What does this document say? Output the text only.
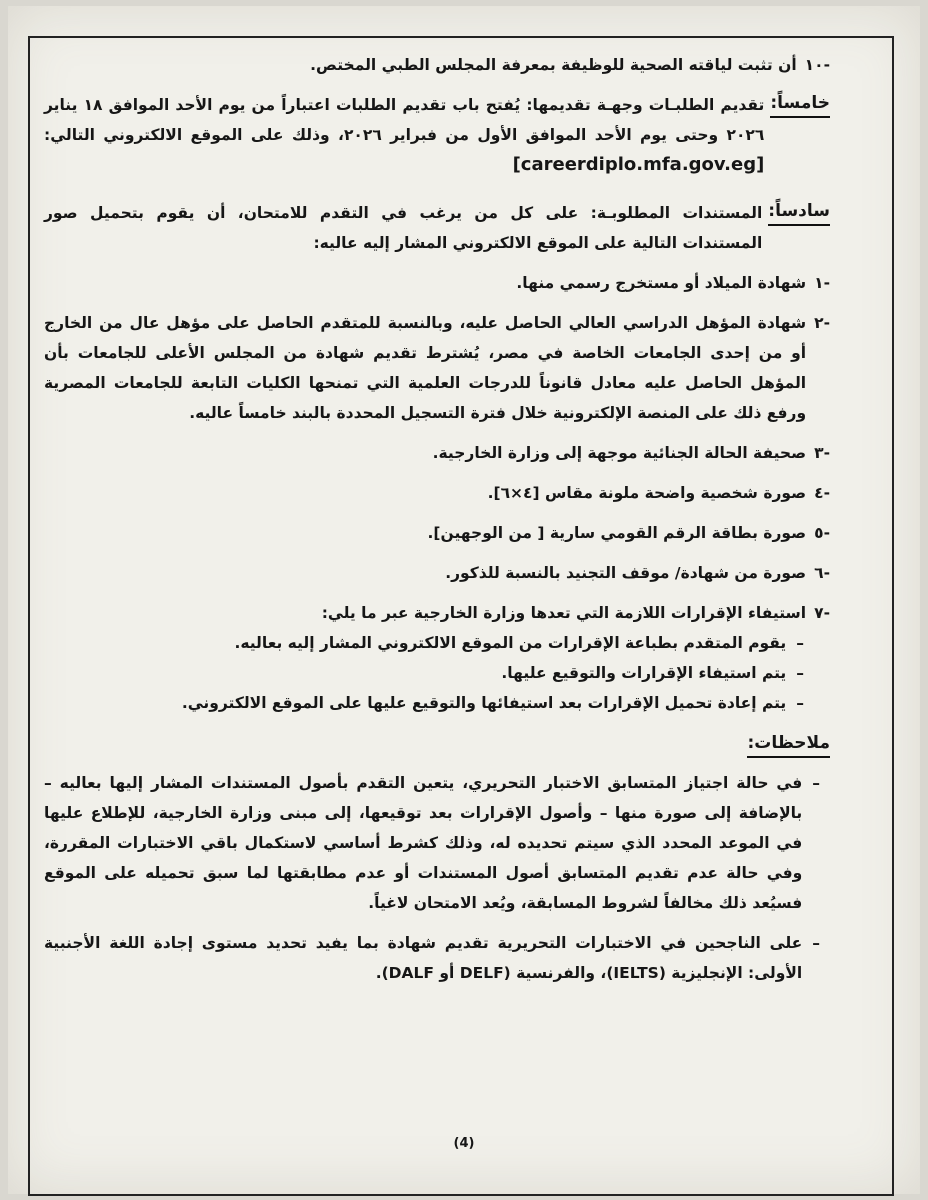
-١٠
أن تثبت لياقته الصحية للوظيفة بمعرفة المجلس الطبي المختص.
خامساً:
تقديم الطلبـات وجهـة تقديمها: يُفتح باب تقديم الطلبات اعتباراً من يوم الأحد الموافق ١٨ يناير ٢٠٢٦ وحتى يوم الأحد الموافق الأول من فبراير ٢٠٢٦، وذلك على الموقع الالكتروني التالي: [careerdiplo.mfa.gov.eg]
سادساً:
المستندات المطلوبـة: على كل من يرغب في التقدم للامتحان، أن يقوم بتحميل صور المستندات التالية على الموقع الالكتروني المشار إليه عاليه:
-١
شهادة الميلاد أو مستخرج رسمي منها.
-٢
شهادة المؤهل الدراسي العالي الحاصل عليه، وبالنسبة للمتقدم الحاصل على مؤهل عال من الخارج أو من إحدى الجامعات الخاصة في مصر، يُشترط تقديم شهادة من المجلس الأعلى للجامعات بأن المؤهل الحاصل عليه معادل قانوناً للدرجات العلمية التي تمنحها الكليات التابعة للجامعات المصرية ورفع ذلك على المنصة الإلكترونية خلال فترة التسجيل المحددة بالبند خامساً عاليه.
-٣
صحيفة الحالة الجنائية موجهة إلى وزارة الخارجية.
-٤
صورة شخصية واضحة ملونة مقاس [٤×٦].
-٥
صورة بطاقة الرقم القومي سارية [ من الوجهين].
-٦
صورة من شهادة/ موقف التجنيد بالنسبة للذكور.
-٧
استيفاء الإقرارات اللازمة التي تعدها وزارة الخارجية عبر ما يلي:
–
يقوم المتقدم بطباعة الإقرارات من الموقع الالكتروني المشار إليه بعاليه.
–
يتم استيفاء الإقرارات والتوقيع عليها.
–
يتم إعادة تحميل الإقرارات بعد استيفائها والتوقيع عليها على الموقع الالكتروني.
ملاحظات:
–
في حالة اجتياز المتسابق الاختبار التحريري، يتعين التقدم بأصول المستندات المشار إليها بعاليه – بالإضافة إلى صورة منها – وأصول الإقرارات بعد توقيعها، إلى مبنى وزارة الخارجية، للإطلاع عليها في الموعد المحدد الذي سيتم تحديده له، وذلك كشرط أساسي لاستكمال باقي الاختبارات المقررة، وفي حالة عدم تقديم المتسابق أصول المستندات أو عدم مطابقتها لما سبق تحميله على الموقع فسيُعد ذلك مخالفاً لشروط المسابقة، ويُعد الامتحان لاغياً.
–
على الناجحين في الاختبارات التحريرية تقديم شهادة بما يفيد تحديد مستوى إجادة اللغة الأجنبية الأولى: الإنجليزية (IELTS)، والفرنسية (DELF أو DALF).
(4)
